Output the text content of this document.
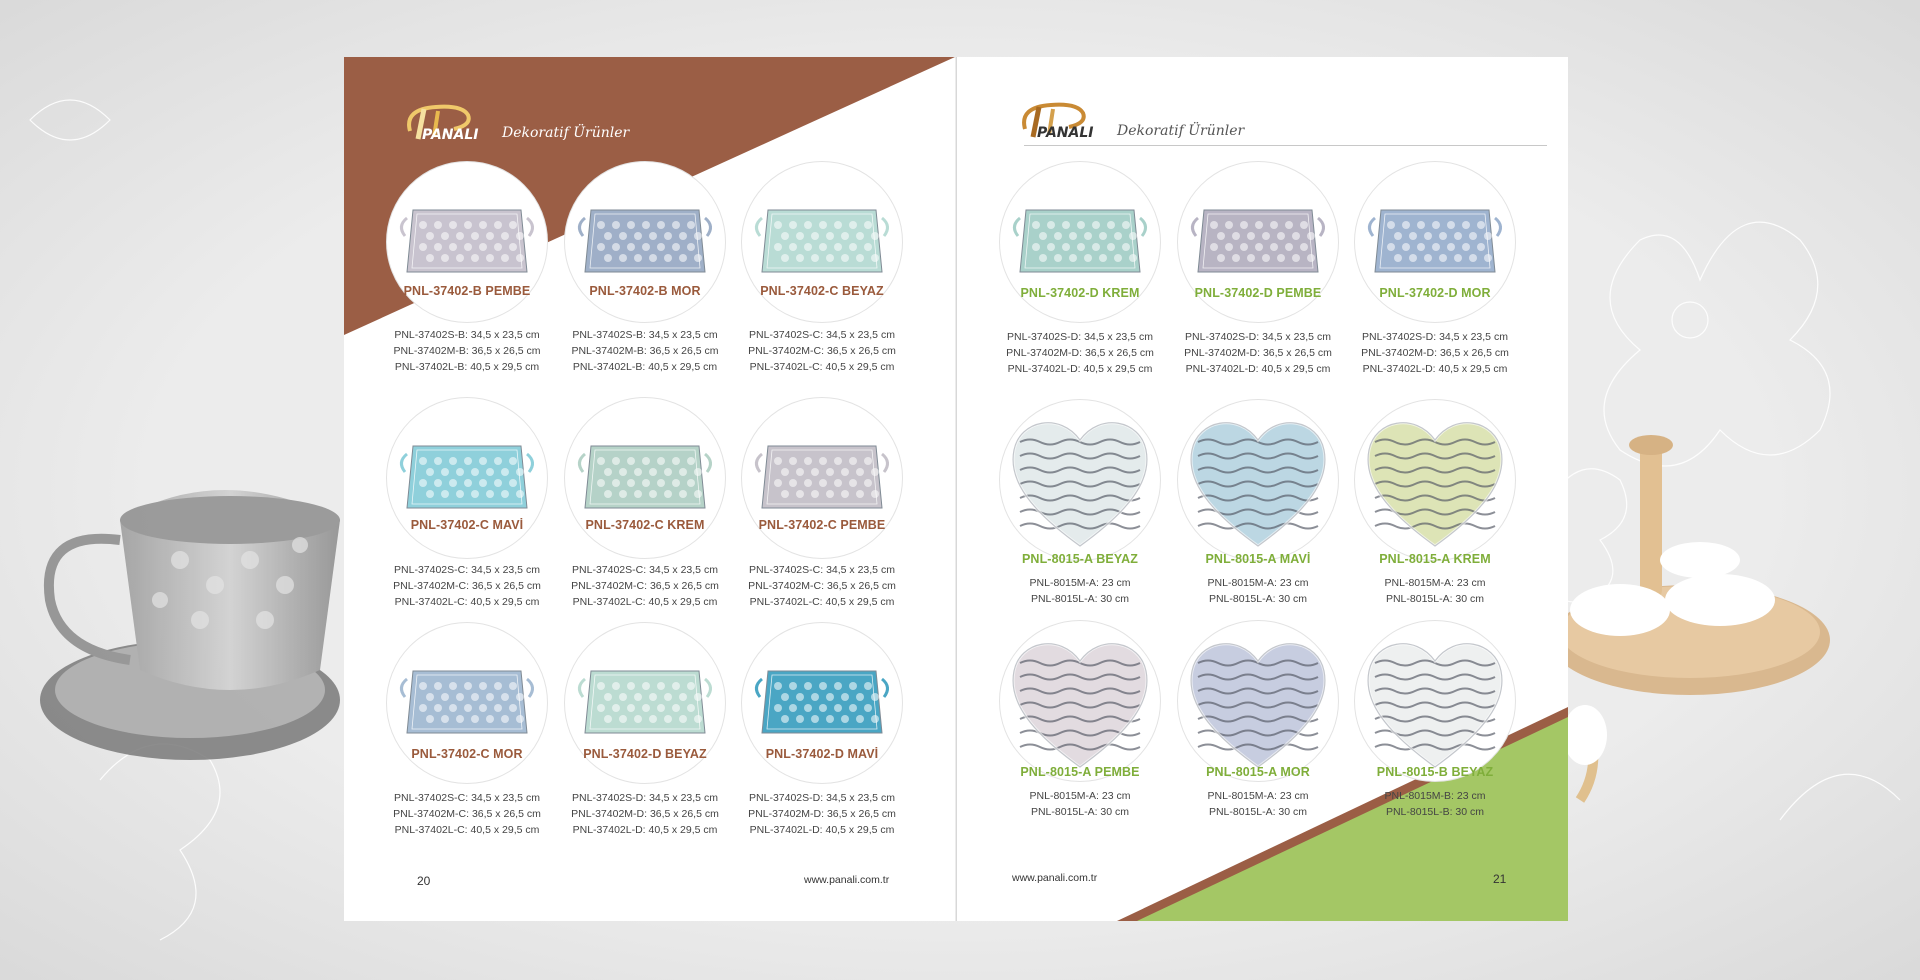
PANALI Dekoratif Ürünler
PNL-37402-B PEMBE
PNL-37402S-B: 34,5 x 23,5 cm
PNL-37402M-B: 36,5 x 26,5 cm
PNL-37402L-B: 40,5 x 29,5 cm
PNL-37402-B MOR
PNL-37402S-B: 34,5 x 23,5 cm
PNL-37402M-B: 36,5 x 26,5 cm
PNL-37402L-B: 40,5 x 29,5 cm
PNL-37402-C BEYAZ
PNL-37402S-C: 34,5 x 23,5 cm
PNL-37402M-C: 36,5 x 26,5 cm
PNL-37402L-C: 40,5 x 29,5 cm
PNL-37402-C MAVİ
PNL-37402S-C: 34,5 x 23,5 cm
PNL-37402M-C: 36,5 x 26,5 cm
PNL-37402L-C: 40,5 x 29,5 cm
PNL-37402-C KREM
PNL-37402S-C: 34,5 x 23,5 cm
PNL-37402M-C: 36,5 x 26,5 cm
PNL-37402L-C: 40,5 x 29,5 cm
PNL-37402-C PEMBE
PNL-37402S-C: 34,5 x 23,5 cm
PNL-37402M-C: 36,5 x 26,5 cm
PNL-37402L-C: 40,5 x 29,5 cm
PNL-37402-C MOR
PNL-37402S-C: 34,5 x 23,5 cm
PNL-37402M-C: 36,5 x 26,5 cm
PNL-37402L-C: 40,5 x 29,5 cm
PNL-37402-D BEYAZ
PNL-37402S-D: 34,5 x 23,5 cm
PNL-37402M-D: 36,5 x 26,5 cm
PNL-37402L-D: 40,5 x 29,5 cm
PNL-37402-D MAVİ
PNL-37402S-D: 34,5 x 23,5 cm
PNL-37402M-D: 36,5 x 26,5 cm
PNL-37402L-D: 40,5 x 29,5 cm
20	www.panali.com.tr
PANALI Dekoratif Ürünler
PNL-37402-D KREM
PNL-37402S-D: 34,5 x 23,5 cm
PNL-37402M-D: 36,5 x 26,5 cm
PNL-37402L-D: 40,5 x 29,5 cm
PNL-37402-D PEMBE
PNL-37402S-D: 34,5 x 23,5 cm
PNL-37402M-D: 36,5 x 26,5 cm
PNL-37402L-D: 40,5 x 29,5 cm
PNL-37402-D MOR
PNL-37402S-D: 34,5 x 23,5 cm
PNL-37402M-D: 36,5 x 26,5 cm
PNL-37402L-D: 40,5 x 29,5 cm
PNL-8015-A BEYAZ
PNL-8015M-A: 23 cm
PNL-8015L-A: 30 cm
PNL-8015-A MAVİ
PNL-8015M-A: 23 cm
PNL-8015L-A: 30 cm
PNL-8015-A KREM
PNL-8015M-A: 23 cm
PNL-8015L-A: 30 cm
PNL-8015-A PEMBE
PNL-8015M-A: 23 cm
PNL-8015L-A: 30 cm
PNL-8015-A MOR
PNL-8015M-A: 23 cm
PNL-8015L-A: 30 cm
PNL-8015-B BEYAZ
PNL-8015M-B: 23 cm
PNL-8015L-B: 30 cm
www.panali.com.tr	21
